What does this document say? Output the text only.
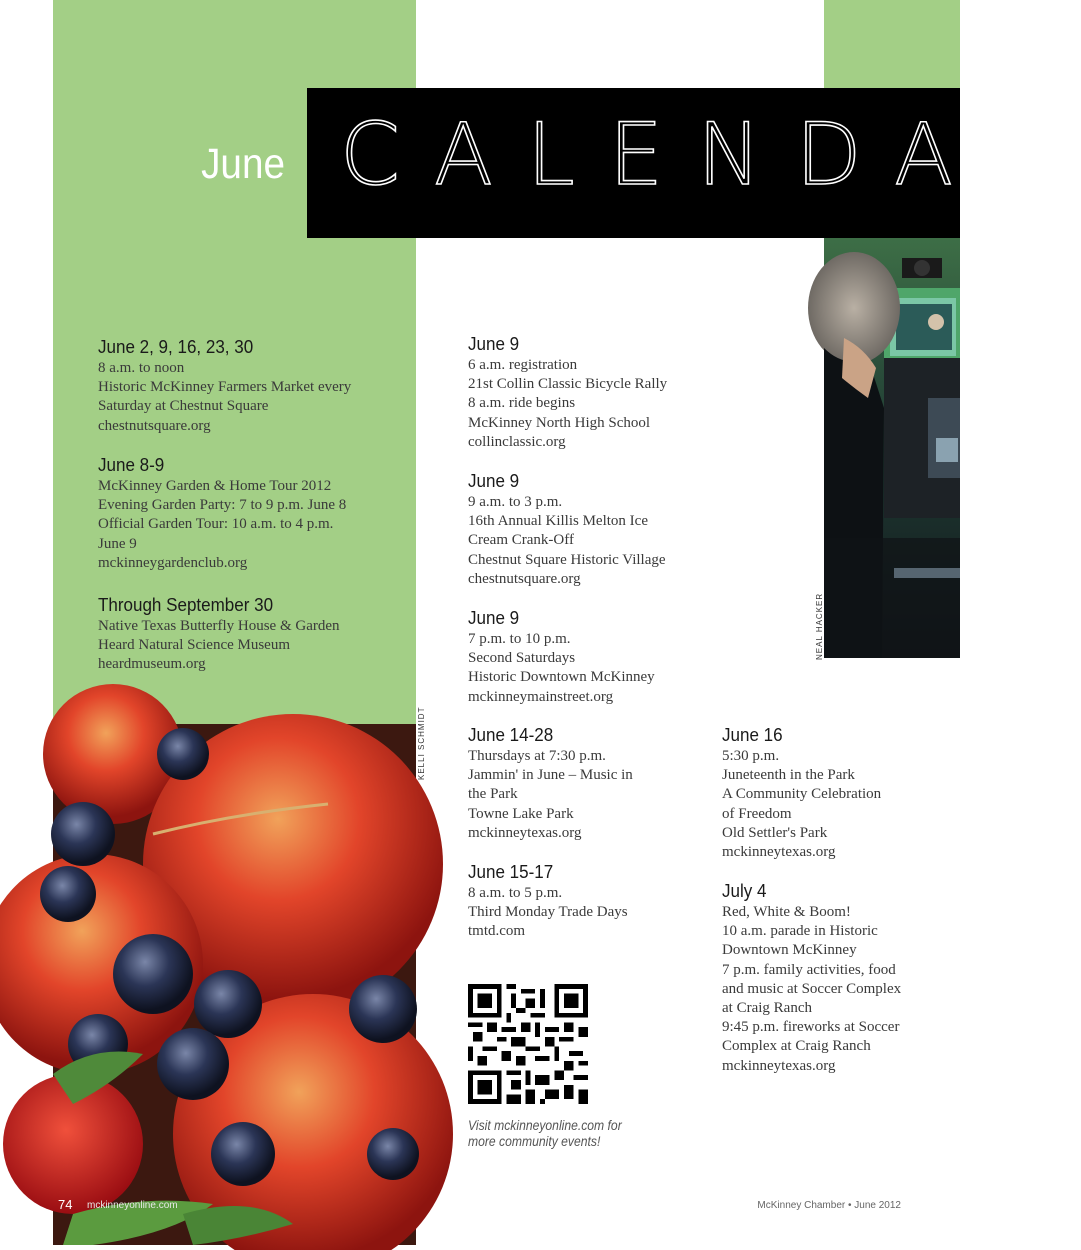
CALENDAR
June
NEAL HACKER
KELLI SCHMIDT
June 2, 9, 16, 23, 30
8 a.m. to noon
Historic McKinney Farmers Market every
Saturday at Chestnut Square
chestnutsquare.org
June 8-9
McKinney Garden & Home Tour 2012
Evening Garden Party: 7 to 9 p.m. June 8
Official Garden Tour: 10 a.m. to 4 p.m.
June 9
mckinneygardenclub.org
Through September 30
Native Texas Butterfly House & Garden
Heard Natural Science Museum
heardmuseum.org
June 9
6 a.m. registration
21st Collin Classic Bicycle Rally
8 a.m. ride begins
McKinney North High School
collinclassic.org
June 9
9 a.m. to 3 p.m.
16th Annual Killis Melton Ice
Cream Crank-Off
Chestnut Square Historic Village
chestnutsquare.org
June 9
7 p.m. to 10 p.m.
Second Saturdays
Historic Downtown McKinney
mckinneymainstreet.org
June 14-28
Thursdays at 7:30 p.m.
Jammin' in June – Music in
the Park
Towne Lake Park
mckinneytexas.org
June 15-17
8 a.m. to 5 p.m.
Third Monday Trade Days
tmtd.com
June 16
5:30 p.m.
Juneteenth in the Park
A Community Celebration
of Freedom
Old Settler's Park
mckinneytexas.org
July 4
Red, White & Boom!
10 a.m. parade in Historic
Downtown McKinney
7 p.m. family activities, food
and music at Soccer Complex
at Craig Ranch
9:45 p.m. fireworks at Soccer
Complex at Craig Ranch
mckinneytexas.org
Visit mckinneyonline.com for more community events!
74 mckinneyonline.com	McKinney Chamber • June 2012
